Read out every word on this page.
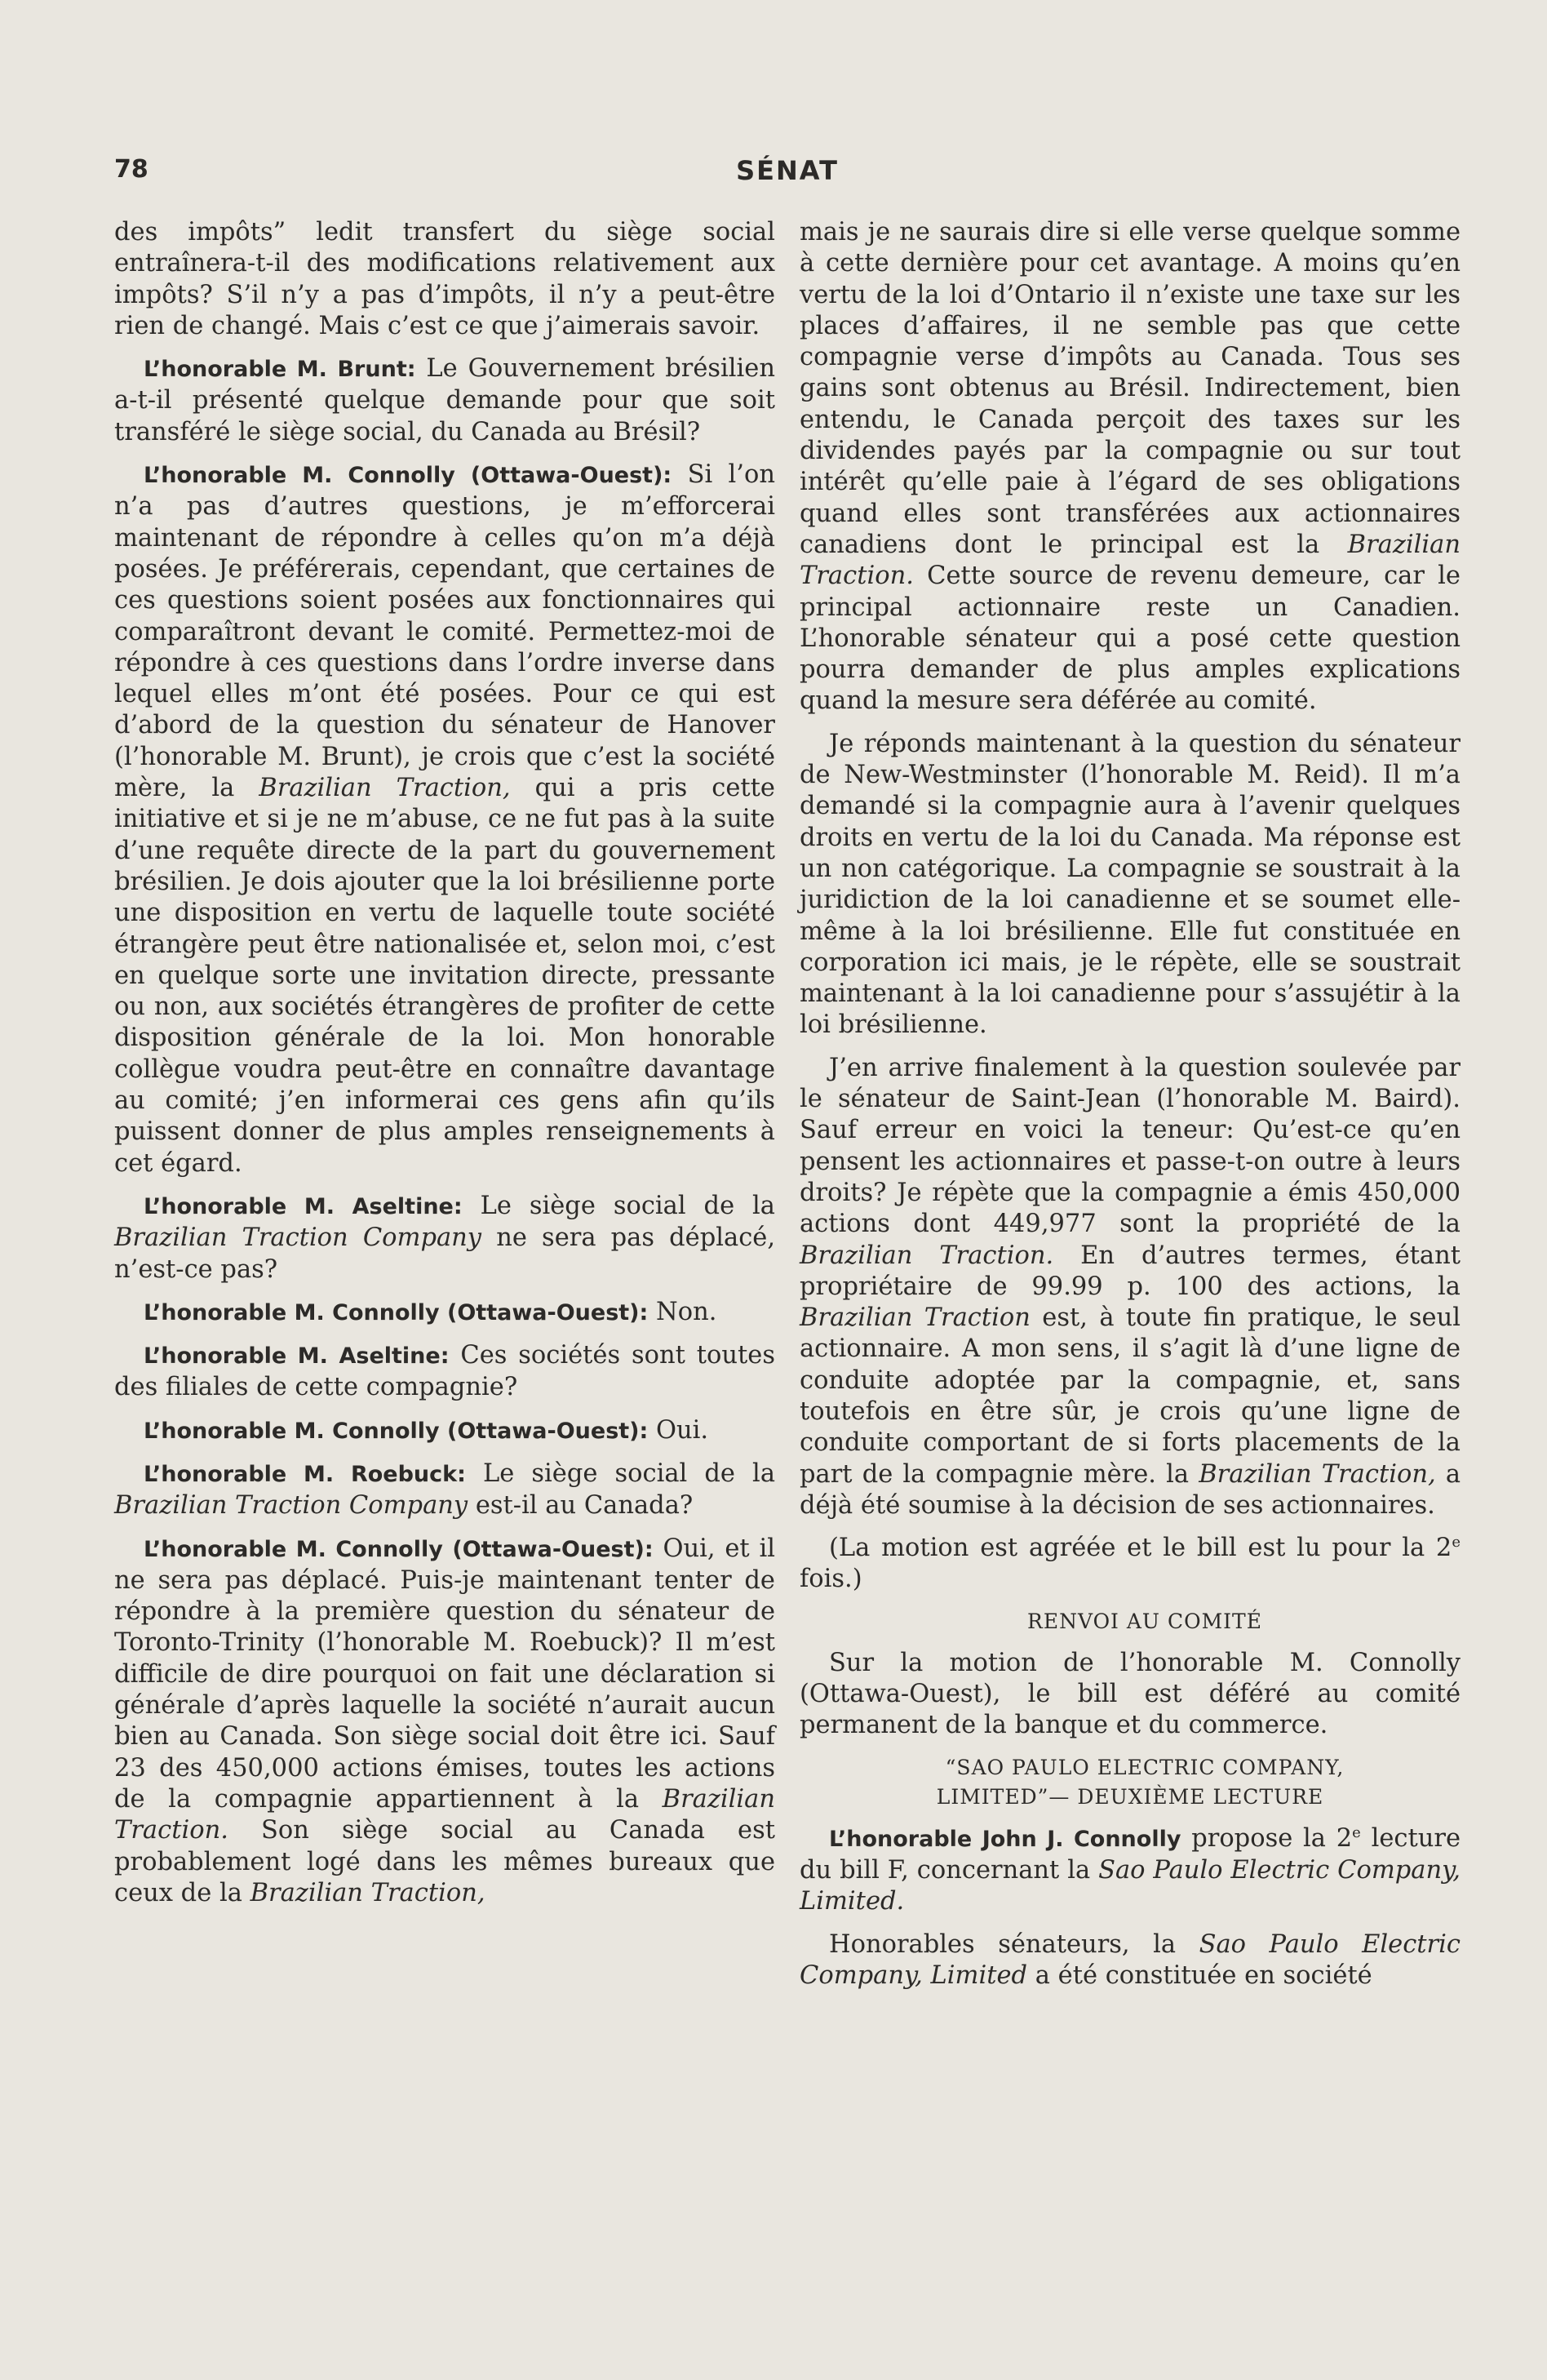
78	SÉNAT

des impôts” ledit transfert du siège social entraînera-t-il des modifications relativement aux impôts? S’il n’y a pas d’impôts, il n’y a peut-être rien de changé. Mais c’est ce que j’aimerais savoir.

L’honorable M. Brunt: Le Gouvernement brésilien a-t-il présenté quelque demande pour que soit transféré le siège social, du Canada au Brésil?

L’honorable M. Connolly (Ottawa-Ouest): Si l’on n’a pas d’autres questions, je m’efforcerai maintenant de répondre à celles qu’on m’a déjà posées. Je préférerais, cependant, que certaines de ces questions soient posées aux fonctionnaires qui comparaîtront devant le comité. Permettez-moi de répondre à ces questions dans l’ordre inverse dans lequel elles m’ont été posées. Pour ce qui est d’abord de la question du sénateur de Hanover (l’honorable M. Brunt), je crois que c’est la société mère, la Brazilian Traction, qui a pris cette initiative et si je ne m’abuse, ce ne fut pas à la suite d’une requête directe de la part du gouvernement brésilien. Je dois ajouter que la loi brésilienne porte une disposition en vertu de laquelle toute société étrangère peut être nationalisée et, selon moi, c’est en quelque sorte une invitation directe, pressante ou non, aux sociétés étrangères de profiter de cette disposition générale de la loi. Mon honorable collègue voudra peut-être en connaître davantage au comité; j’en informerai ces gens afin qu’ils puissent donner de plus amples renseignements à cet égard.

L’honorable M. Aseltine: Le siège social de la Brazilian Traction Company ne sera pas déplacé, n’est-ce pas?

L’honorable M. Connolly (Ottawa-Ouest): Non.

L’honorable M. Aseltine: Ces sociétés sont toutes des filiales de cette compagnie?

L’honorable M. Connolly (Ottawa-Ouest): Oui.

L’honorable M. Roebuck: Le siège social de la Brazilian Traction Company est-il au Canada?

L’honorable M. Connolly (Ottawa-Ouest): Oui, et il ne sera pas déplacé. Puis-je maintenant tenter de répondre à la première question du sénateur de Toronto-Trinity (l’honorable M. Roebuck)? Il m’est difficile de dire pourquoi on fait une déclaration si générale d’après laquelle la société n’aurait aucun bien au Canada. Son siège social doit être ici. Sauf 23 des 450,000 actions émises, toutes les actions de la compagnie appartiennent à la Brazilian Traction. Son siège social au Canada est probablement logé dans les mêmes bureaux que ceux de la Brazilian Traction,

mais je ne saurais dire si elle verse quelque somme à cette dernière pour cet avantage. A moins qu’en vertu de la loi d’Ontario il n’existe une taxe sur les places d’affaires, il ne semble pas que cette compagnie verse d’impôts au Canada. Tous ses gains sont obtenus au Brésil. Indirectement, bien entendu, le Canada perçoit des taxes sur les dividendes payés par la compagnie ou sur tout intérêt qu’elle paie à l’égard de ses obligations quand elles sont transférées aux actionnaires canadiens dont le principal est la Brazilian Traction. Cette source de revenu demeure, car le principal actionnaire reste un Canadien. L’honorable sénateur qui a posé cette question pourra demander de plus amples explications quand la mesure sera déférée au comité.

Je réponds maintenant à la question du sénateur de New-Westminster (l’honorable M. Reid). Il m’a demandé si la compagnie aura à l’avenir quelques droits en vertu de la loi du Canada. Ma réponse est un non catégorique. La compagnie se soustrait à la juridiction de la loi canadienne et se soumet elle-même à la loi brésilienne. Elle fut constituée en corporation ici mais, je le répète, elle se soustrait maintenant à la loi canadienne pour s’assujétir à la loi brésilienne.

J’en arrive finalement à la question soulevée par le sénateur de Saint-Jean (l’honorable M. Baird). Sauf erreur en voici la teneur: Qu’est-ce qu’en pensent les actionnaires et passe-t-on outre à leurs droits? Je répète que la compagnie a émis 450,000 actions dont 449,977 sont la propriété de la Brazilian Traction. En d’autres termes, étant propriétaire de 99.99 p. 100 des actions, la Brazilian Traction est, à toute fin pratique, le seul actionnaire. A mon sens, il s’agit là d’une ligne de conduite adoptée par la compagnie, et, sans toutefois en être sûr, je crois qu’une ligne de conduite comportant de si forts placements de la part de la compagnie mère. la Brazilian Traction, a déjà été soumise à la décision de ses actionnaires.

(La motion est agréée et le bill est lu pour la 2e fois.)

RENVOI AU COMITÉ

Sur la motion de l’honorable M. Connolly (Ottawa-Ouest), le bill est déféré au comité permanent de la banque et du commerce.

“SAO PAULO ELECTRIC COMPANY,
LIMITED”— DEUXIÈME LECTURE

L’honorable John J. Connolly propose la 2e lecture du bill F, concernant la Sao Paulo Electric Company, Limited.

Honorables sénateurs, la Sao Paulo Electric Company, Limited a été constituée en société
